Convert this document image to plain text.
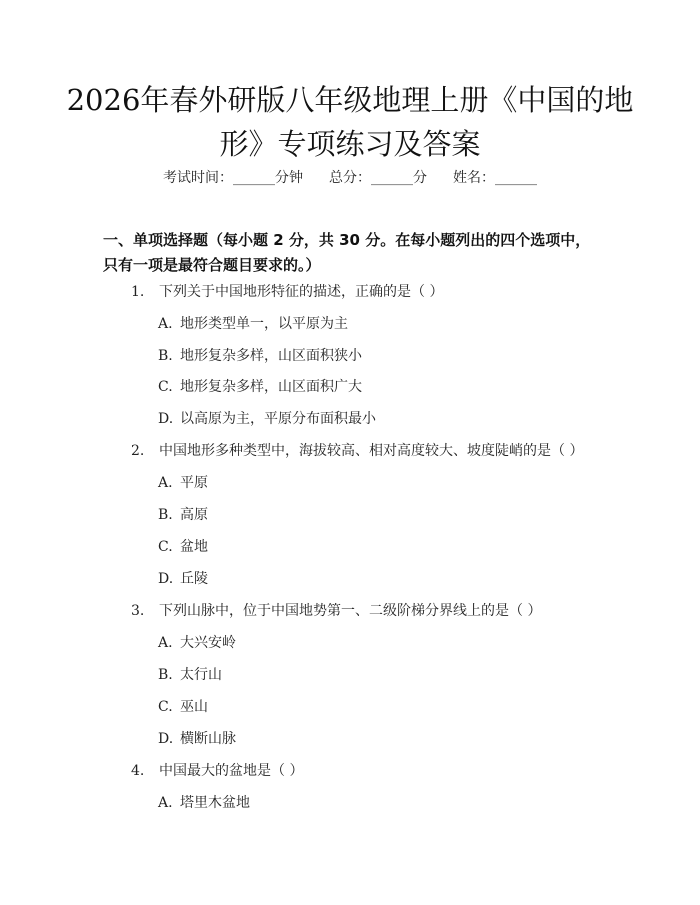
2026年春外研版八年级地理上册《中国的地形》专项练习及答案
考试时间：______分钟 总分：______分 姓名：______
一、单项选择题（每小题 2 分，共 30 分。在每小题列出的四个选项中，只有一项是最符合题目要求的。）
1. 下列关于中国地形特征的描述，正确的是（ ）
A. 地形类型单一，以平原为主
B. 地形复杂多样，山区面积狭小
C. 地形复杂多样，山区面积广大
D. 以高原为主，平原分布面积最小
2. 中国地形多种类型中，海拔较高、相对高度较大、坡度陡峭的是（ ）
A. 平原
B. 高原
C. 盆地
D. 丘陵
3. 下列山脉中，位于中国地势第一、二级阶梯分界线上的是（ ）
A. 大兴安岭
B. 太行山
C. 巫山
D. 横断山脉
4. 中国最大的盆地是（ ）
A. 塔里木盆地
